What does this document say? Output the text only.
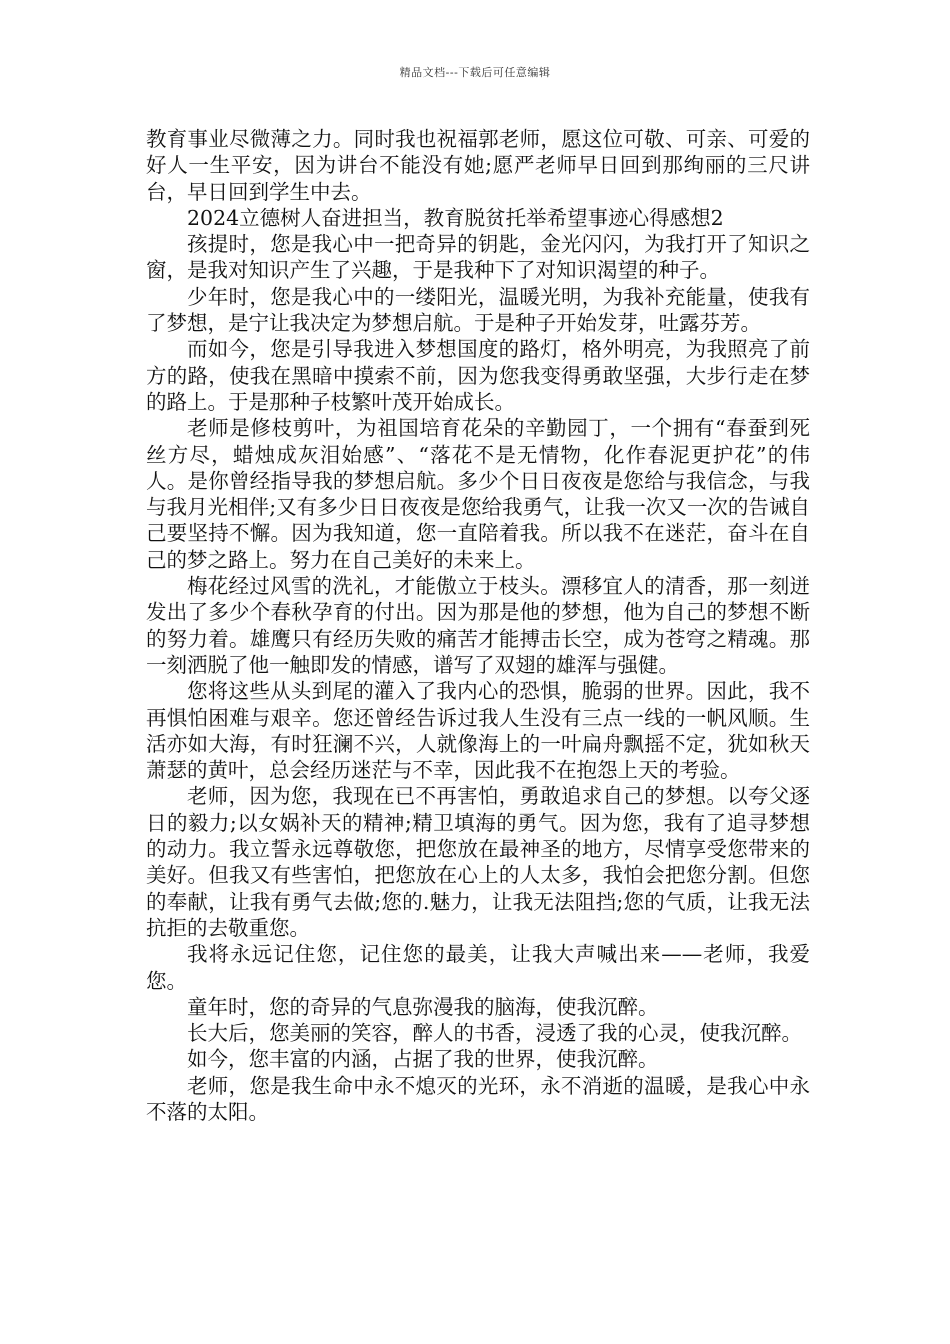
精品文档---下载后可任意编辑

教育事业尽微薄之力。同时我也祝福郭老师，愿这位可敬、可亲、可爱的好人一生平安，因为讲台不能没有她;愿严老师早日回到那绚丽的三尺讲台，早日回到学生中去。

2024立德树人奋进担当，教育脱贫托举希望事迹心得感想2

孩提时，您是我心中一把奇异的钥匙，金光闪闪，为我打开了知识之窗，是我对知识产生了兴趣，于是我种下了对知识渴望的种子。

少年时，您是我心中的一缕阳光，温暖光明，为我补充能量，使我有了梦想，是宁让我决定为梦想启航。于是种子开始发芽，吐露芬芳。

而如今，您是引导我进入梦想国度的路灯，格外明亮，为我照亮了前方的路，使我在黑暗中摸索不前，因为您我变得勇敢坚强，大步行走在梦的路上。于是那种子枝繁叶茂开始成长。

老师是修枝剪叶，为祖国培育花朵的辛勤园丁，一个拥有“春蚕到死丝方尽，蜡烛成灰泪始感”、“落花不是无情物，化作春泥更护花”的伟人。是你曾经指导我的梦想启航。多少个日日夜夜是您给与我信念，与我与我月光相伴;又有多少日日夜夜是您给我勇气，让我一次又一次的告诫自己要坚持不懈。因为我知道，您一直陪着我。所以我不在迷茫，奋斗在自己的梦之路上。努力在自己美好的未来上。

梅花经过风雪的洗礼，才能傲立于枝头。漂移宜人的清香，那一刻迸发出了多少个春秋孕育的付出。因为那是他的梦想，他为自己的梦想不断的努力着。雄鹰只有经历失败的痛苦才能搏击长空，成为苍穹之精魂。那一刻洒脱了他一触即发的情感，谱写了双翅的雄浑与强健。

您将这些从头到尾的灌入了我内心的恐惧，脆弱的世界。因此，我不再惧怕困难与艰辛。您还曾经告诉过我人生没有三点一线的一帆风顺。生活亦如大海，有时狂澜不兴，人就像海上的一叶扁舟飘摇不定，犹如秋天萧瑟的黄叶，总会经历迷茫与不幸，因此我不在抱怨上天的考验。

老师，因为您，我现在已不再害怕，勇敢追求自己的梦想。以夸父逐日的毅力;以女娲补天的精神;精卫填海的勇气。因为您，我有了追寻梦想的动力。我立誓永远尊敬您，把您放在最神圣的地方，尽情享受您带来的美好。但我又有些害怕，把您放在心上的人太多，我怕会把您分割。但您的奉献，让我有勇气去做;您的.魅力，让我无法阻挡;您的气质，让我无法抗拒的去敬重您。

我将永远记住您，记住您的最美，让我大声喊出来——老师，我爱您。

童年时，您的奇异的气息弥漫我的脑海，使我沉醉。

长大后，您美丽的笑容，醉人的书香，浸透了我的心灵，使我沉醉。

如今，您丰富的内涵，占据了我的世界，使我沉醉。

老师，您是我生命中永不熄灭的光环，永不消逝的温暖，是我心中永不落的太阳。
